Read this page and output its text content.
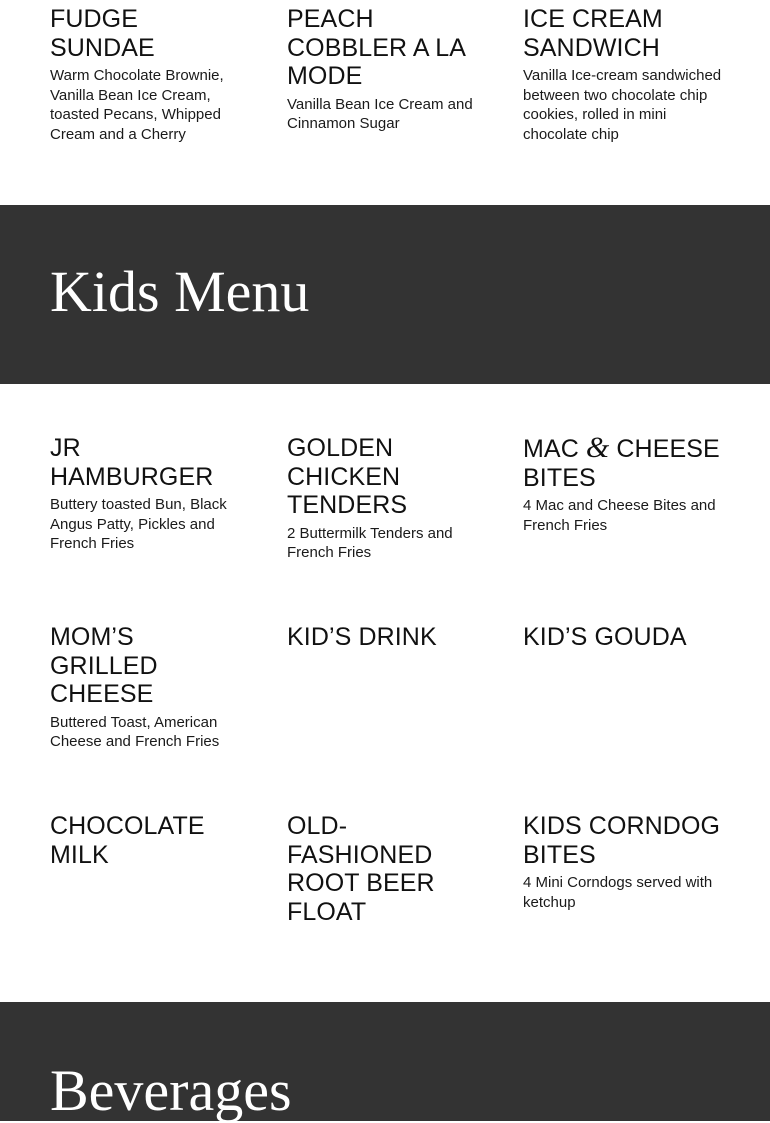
FUDGE SUNDAE

Warm Chocolate Brownie, Vanilla Bean Ice Cream, toasted Pecans, Whipped Cream and a Cherry

PEACH COBBLER A LA MODE

Vanilla Bean Ice Cream and Cinnamon Sugar

ICE CREAM SANDWICH

Vanilla Ice-cream sandwiched between two chocolate chip cookies, rolled in mini chocolate chip

Kids Menu
JR HAMBURGER

Buttery toasted Bun, Black Angus Patty, Pickles and French Fries

GOLDEN CHICKEN TENDERS

2 Buttermilk Tenders and French Fries

MAC & CHEESE BITES

4 Mac and Cheese Bites and French Fries

MOM’S GRILLED CHEESE

Buttered Toast, American Cheese and French Fries

KID’S DRINK	KID’S GOUDA
CHOCOLATE MILK
OLD-FASHIONED ROOT BEER FLOAT
KIDS CORNDOG BITES

4 Mini Corndogs served with ketchup

Beverages
